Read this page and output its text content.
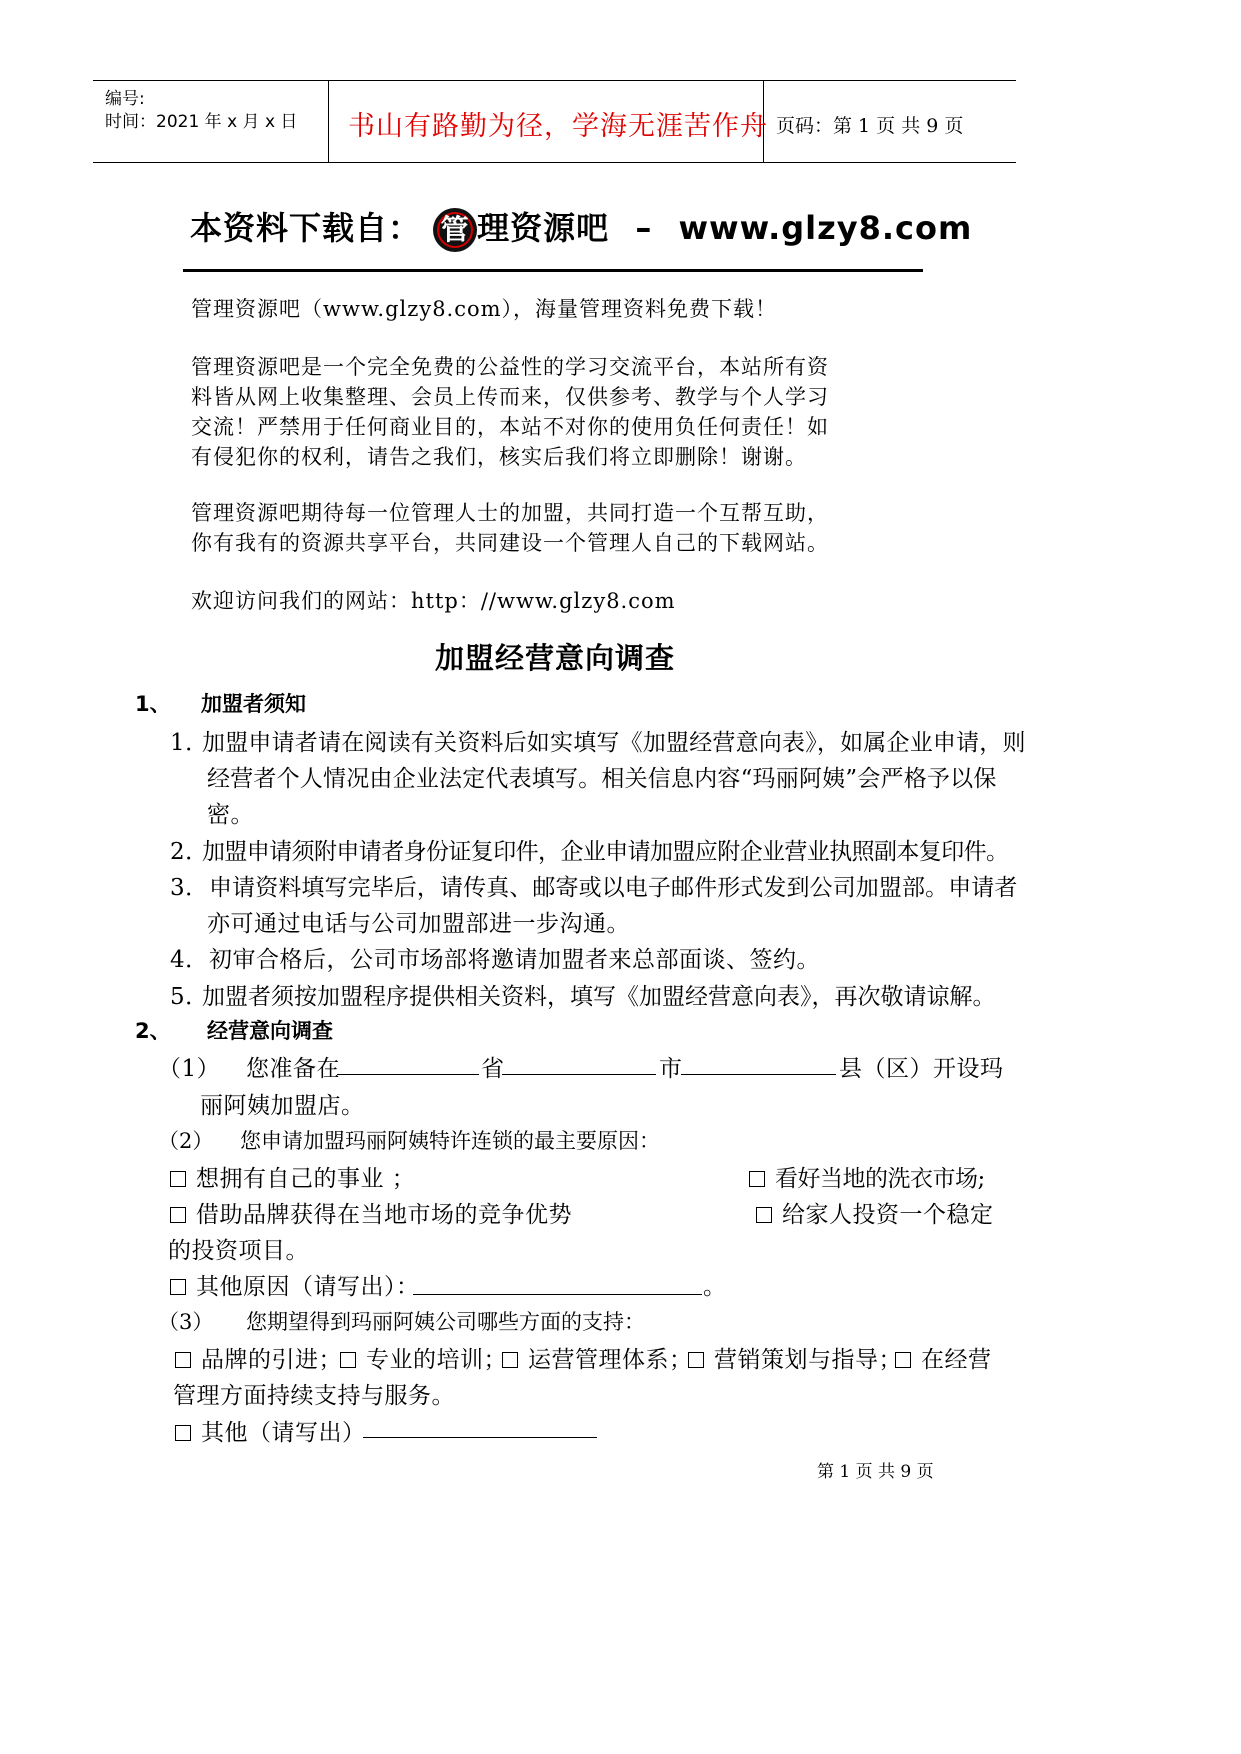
编号:
时间：2021 年 x 月 x 日 书山有路勤为径，学海无涯苦作舟 页码：第 1 页 共 9 页
本资料下载自： 管 理资源吧 – www.glzy8.com
管理资源吧（www.glzy8.com），海量管理资料免费下载！
管理资源吧是一个完全免费的公益性的学习交流平台，本站所有资
料皆从网上收集整理、会员上传而来，仅供参考、教学与个人学习
交流！严禁用于任何商业目的，本站不对你的使用负任何责任！如
有侵犯你的权利，请告之我们，核实后我们将立即删除！谢谢。
管理资源吧期待每一位管理人士的加盟，共同打造一个互帮互助，
你有我有的资源共享平台，共同建设一个管理人自己的下载网站。
欢迎访问我们的网站：http：//www.glzy8.com
加盟经营意向调查
1、 加盟者须知
1．
加盟申请者请在阅读有关资料后如实填写《加盟经营意向表》，如属企业申请，则
经营者个人情况由企业法定代表填写。相关信息内容“玛丽阿姨”会严格予以保
密。
2．
加盟申请须附申请者身份证复印件，企业申请加盟应附企业营业执照副本复印件。
3． 申请资料填写完毕后，请传真、邮寄或以电子邮件形式发到公司加盟部。申请者
亦可通过电话与公司加盟部进一步沟通。
4． 初审合格后，公司市场部将邀请加盟者来总部面谈、签约。
5．
加盟者须按加盟程序提供相关资料，填写《加盟经营意向表》，再次敬请谅解。
2、 经营意向调查
（1） 您准备在	省	市	县（区）开设玛
丽阿姨加盟店。
（2） 您申请加盟玛丽阿姨特许连锁的最主要原因：
想拥有自己的事业 ；	看好当地的洗衣市场;
借助品牌获得在当地市场的竞争优势	给家人投资一个稳定
的投资项目。
其他原因（请写出）：	。
（3） 您期望得到玛丽阿姨公司哪些方面的支持：
品牌的引进；	专业的培训； 运营管理体系； 营销策划与指导； 在经营
管理方面持续支持与服务。
其他（请写出）
第 1 页 共 9 页
